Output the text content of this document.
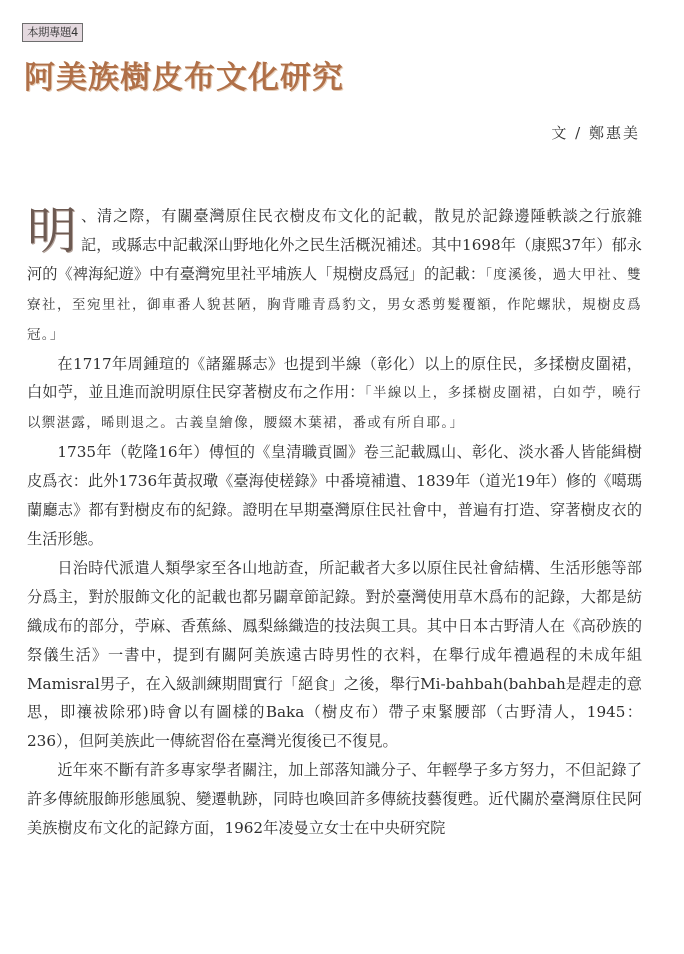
本期專題4
阿美族樹皮布文化研究
文 / 鄭惠美

明 、清之際，有關臺灣原住民衣樹皮布文化的記載，散見於記錄邊陲軼談之行旅雜記，或縣志中記載深山野地化外之民生活概況補述。其中1698年（康熙37年）郁永河的《裨海紀遊》中有臺灣宛里社平埔族人「規樹皮爲冠」的記載：「度溪後，過大甲社、雙寮社，至宛里社，御車番人貌甚陋，胸背雕青爲豹文，男女悉剪髮覆額，作陀螺狀，規樹皮爲冠。」

在1717年周鍾瑄的《諸羅縣志》也提到半線（彰化）以上的原住民，多揉樹皮圍裙，白如苧，並且進而說明原住民穿著樹皮布之作用：「半線以上，多揉樹皮圍裙，白如苧，曉行以禦湛露，晞則退之。古義皇繪像，腰綴木葉裙，番或有所自耶。」

1735年（乾隆16年）傅恒的《皇清職貢圖》卷三記載鳳山、彰化、淡水番人皆能緝樹皮爲衣：此外1736年黃叔璥《臺海使槎錄》中番境補遺、1839年（道光19年）修的《噶瑪蘭廳志》都有對樹皮布的紀錄。證明在早期臺灣原住民社會中，普遍有打造、穿著樹皮衣的生活形態。

日治時代派遣人類學家至各山地訪查，所記載者大多以原住民社會結構、生活形態等部分爲主，對於服飾文化的記載也都另闢章節記錄。對於臺灣使用草木爲布的記錄，大都是紡織成布的部分，苧麻、香蕉絲、鳳梨絲織造的技法與工具。其中日本古野清人在《高砂族的祭儀生活》一書中，提到有關阿美族遠古時男性的衣料，在舉行成年禮過程的未成年組Mamisral男子，在入級訓練期間實行「絕食」之後，舉行Mi-bahbah(bahbah是趕走的意思，即禳祓除邪)時會以有圖樣的Baka（樹皮布）帶子束緊腰部（古野清人，1945：236），但阿美族此一傳統習俗在臺灣光復後已不復見。

近年來不斷有許多專家學者關注，加上部落知識分子、年輕學子多方努力，不但記錄了許多傳統服飾形態風貌、變遷軌跡，同時也喚回許多傳統技藝復甦。近代關於臺灣原住民阿美族樹皮布文化的記錄方面，1962年凌曼立女士在中央研究院
